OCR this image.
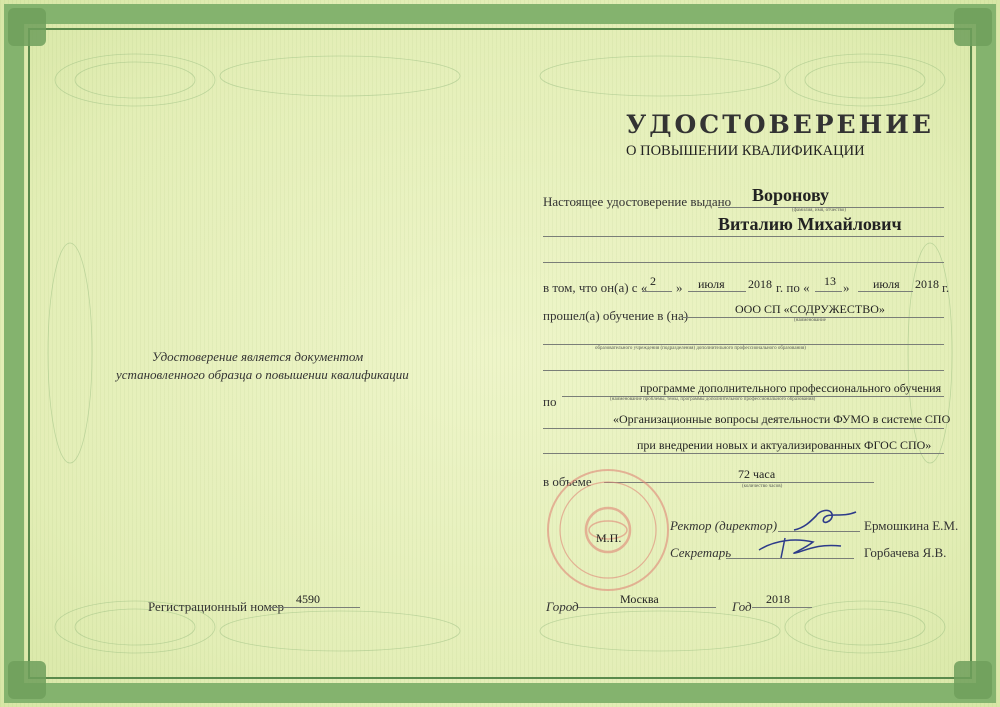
УДОСТОВЕРЕНИЕ
О ПОВЫШЕНИИ КВАЛИФИКАЦИИ
Удостоверение является документом
установленного образца о повышении квалификации
Настоящее удостоверение выдано Воронову
(фамилия, имя, отчество)
Виталию Михайлович
в том, что он(а) с « 2 » июля 2018 г. по « 13 » июля 2018 г.
прошел(а) обучение в (на)	ООО СП «СОДРУЖЕСТВО»
(наименование
образовательного учреждения (подразделения) дополнительного профессионального образования)
по
программе дополнительного профессионального обучения
(наименование проблемы, темы, программы дополнительного профессионального образования)
«Организационные вопросы деятельности ФУМО в системе СПО
при внедрении новых и актуализированных ФГОС СПО»
в объеме	72 часа
(количество часов)
М.П.
Ректор (директор)	Ермошкина Е.М.
Секретарь	Горбачева Я.В.
Регистрационный номер 4590	Город	Москва	Год 2018
